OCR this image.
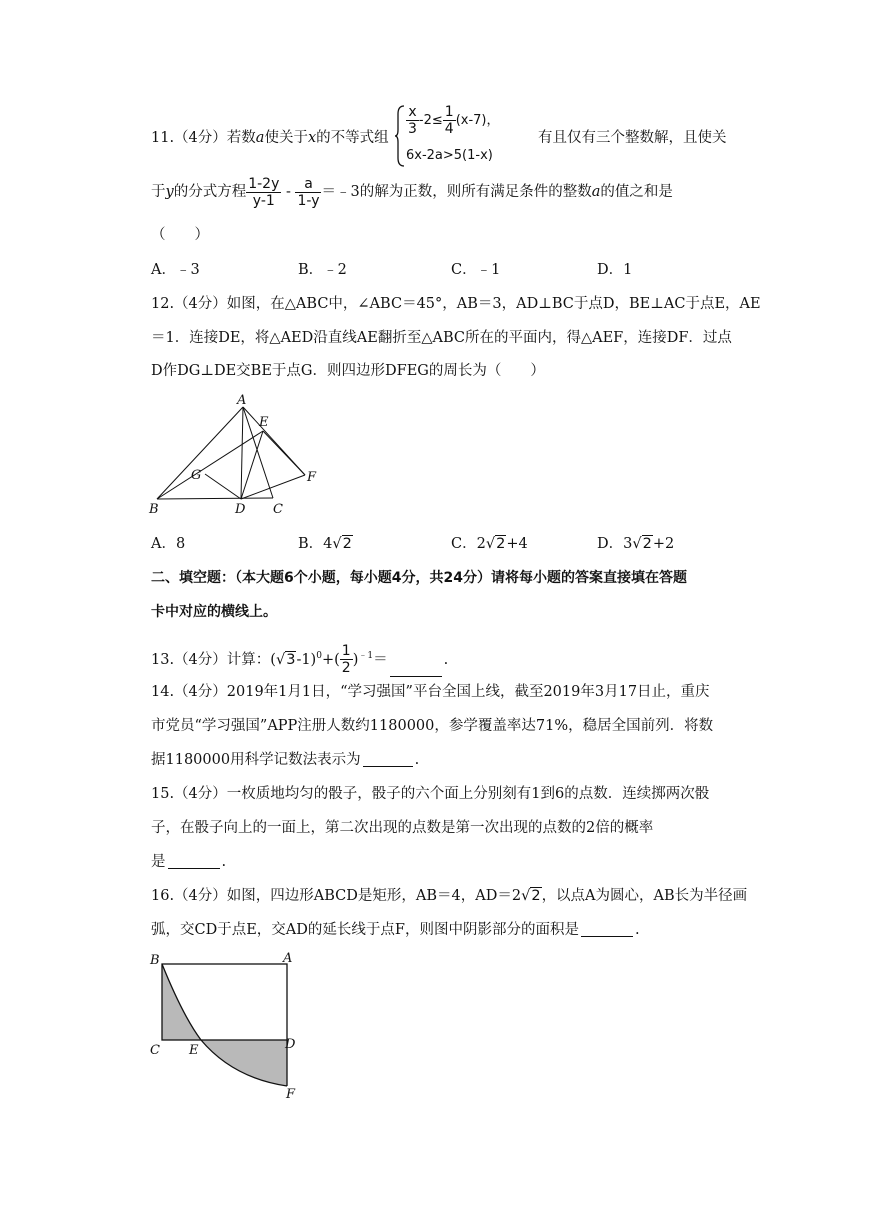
11.（4分）若数a使关于x的不等式组
$\frac{x}{3} -2\le \frac{1}{4} (x-7)$，
6x-2a>5(1-x)
有且仅有三个整数解，且使关
于y的分式方程 $\frac{1-2y}{y-1} - \frac{a}{1-y}$ ＝﹣3的解为正数，则所有满足条件的整数a的值之和是
（　　）
A．﹣3	B．﹣2	C．﹣1	D．1
12.（4分）如图，在△ABC中，∠ABC＝45°，AB＝3，AD⊥BC于点D，BE⊥AC于点E，AE
＝1．连接DE，将△AED沿直线AE翻折至△ABC所在的平面内，得△AEF，连接DF．过点
D作DG⊥DE交BE于点G．则四边形DFEG的周长为（　　）
A
B	C
D
E
F
G
A．8	B．4√2	C．2√2+4	D．3√2+2
二、填空题：（本大题6个小题，每小题4分，共24分）请将每小题的答案直接填在答题
卡中对应的横线上。
13.（4分）计算：$(√3-1)^0+( \frac{1}{2} )^{﹣1}=$	.
14.（4分）2019年1月1日，“学习强国”平台全国上线，截至2019年3月17日止，重庆
市党员“学习强国”APP注册人数约1180000，参学覆盖率达71%，稳居全国前列．将数
据1180000用科学记数法表示为	.
15.（4分）一枚质地均匀的骰子，骰子的六个面上分别刻有1到6的点数．连续掷两次骰
子，在骰子向上的一面上，第二次出现的点数是第一次出现的点数的2倍的概率
是	.
16.（4分）如图，四边形ABCD是矩形，AB＝4，AD＝2√2，以点A为圆心，AB长为半径画
弧，交CD于点E，交AD的延长线于点F，则图中阴影部分的面积是	.
B	A
C E	D
F
